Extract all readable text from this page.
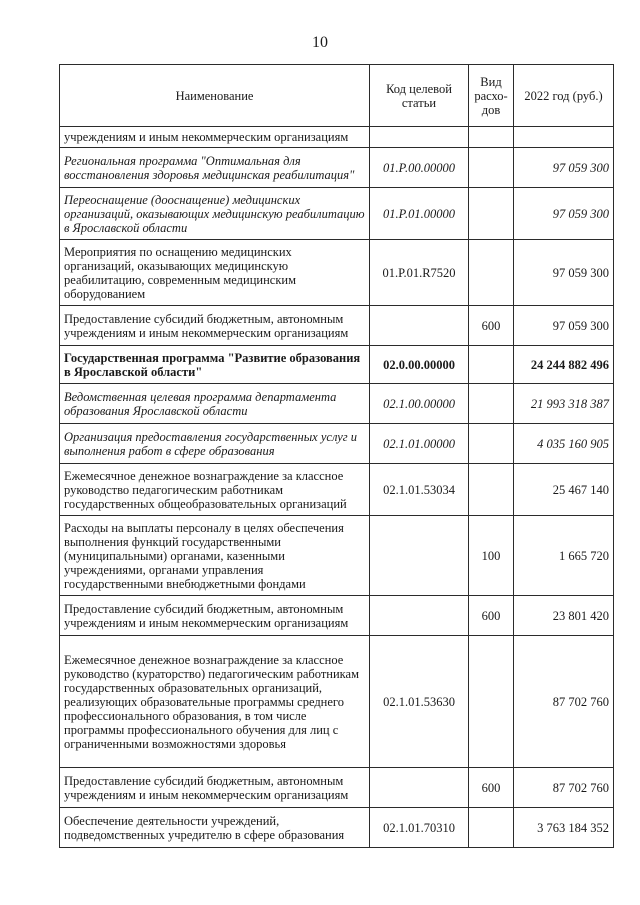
10
Наименование	Код целевой статьи	Вид расхо-дов	2022 год (руб.)
учреждениям и иным некоммерческим организациям			
Региональная программа "Оптимальная для восстановления здоровья медицинская реабилитация"	01.Р.00.00000		97 059 300
Переоснащение (дооснащение) медицинских организаций, оказывающих медицинскую реабилитацию в Ярославской области	01.Р.01.00000		97 059 300
Мероприятия по оснащению медицинских организаций, оказывающих медицинскую реабилитацию, современным медицинским оборудованием	01.Р.01.R7520		97 059 300
Предоставление субсидий бюджетным, автономным учреждениям и иным некоммерческим организациям		600	97 059 300
Государственная программа "Развитие образования в Ярославской области"	02.0.00.00000		24 244 882 496
Ведомственная целевая программа департамента образования Ярославской области	02.1.00.00000		21 993 318 387
Организация предоставления государственных услуг и выполнения работ в сфере образования	02.1.01.00000		4 035 160 905
Ежемесячное денежное вознаграждение за классное руководство педагогическим работникам государственных общеобразовательных организаций	02.1.01.53034		25 467 140
Расходы на выплаты персоналу в целях обеспечения выполнения функций государственными (муниципальными) органами, казенными учреждениями, органами управления государственными внебюджетными фондами		100	1 665 720
Предоставление субсидий бюджетным, автономным учреждениям и иным некоммерческим организациям		600	23 801 420
Ежемесячное денежное вознаграждение за классное руководство (кураторство) педагогическим работникам государственных образовательных организаций, реализующих образовательные программы среднего профессионального образования, в том числе программы профессионального обучения для лиц с ограниченными возможностями здоровья	02.1.01.53630		87 702 760
Предоставление субсидий бюджетным, автономным учреждениям и иным некоммерческим организациям		600	87 702 760
Обеспечение деятельности учреждений, подведомственных учредителю в сфере образования	02.1.01.70310		3 763 184 352
